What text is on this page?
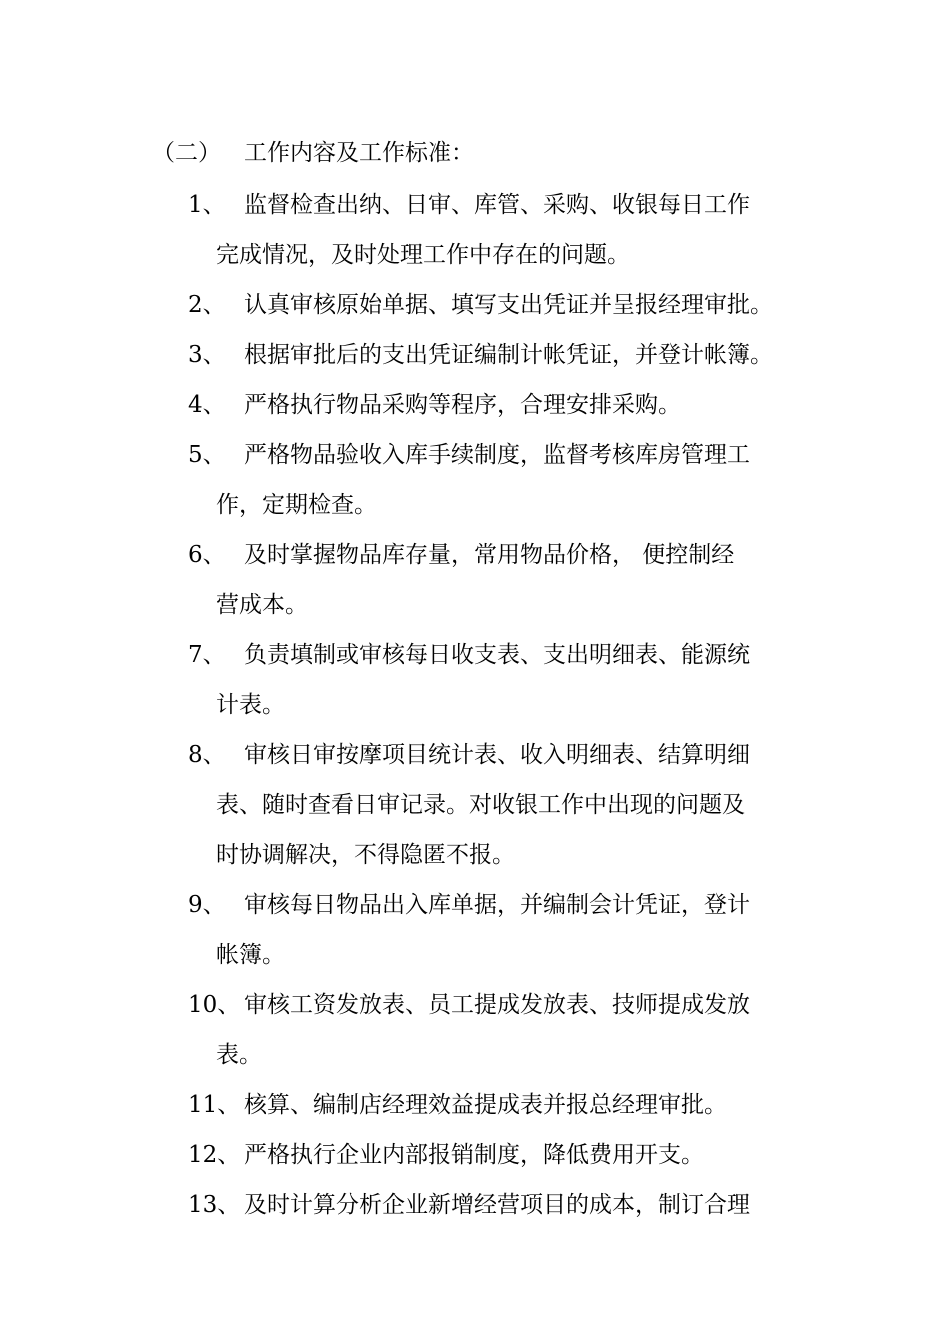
（二） 工作内容及工作标准：
1、 监督检查出纳、日审、库管、采购、收银每日工作
完成情况，及时处理工作中存在的问题。
2、 认真审核原始单据、填写支出凭证并呈报经理审批。
3、 根据审批后的支出凭证编制计帐凭证，并登计帐簿。
4、 严格执行物品采购等程序，合理安排采购。
5、 严格物品验收入库手续制度，监督考核库房管理工
作，定期检查。
6、 及时掌握物品库存量，常用物品价格， 便控制经
营成本。
7、 负责填制或审核每日收支表、支出明细表、能源统
计表。
8、 审核日审按摩项目统计表、收入明细表、结算明细
表、随时查看日审记录。对收银工作中出现的问题及
时协调解决，不得隐匿不报。
9、 审核每日物品出入库单据，并编制会计凭证，登计
帐簿。
10、 审核工资发放表、员工提成发放表、技师提成发放
表。
11、 核算、编制店经理效益提成表并报总经理审批。
12、 严格执行企业内部报销制度，降低费用开支。
13、 及时计算分析企业新增经营项目的成本，制订合理
